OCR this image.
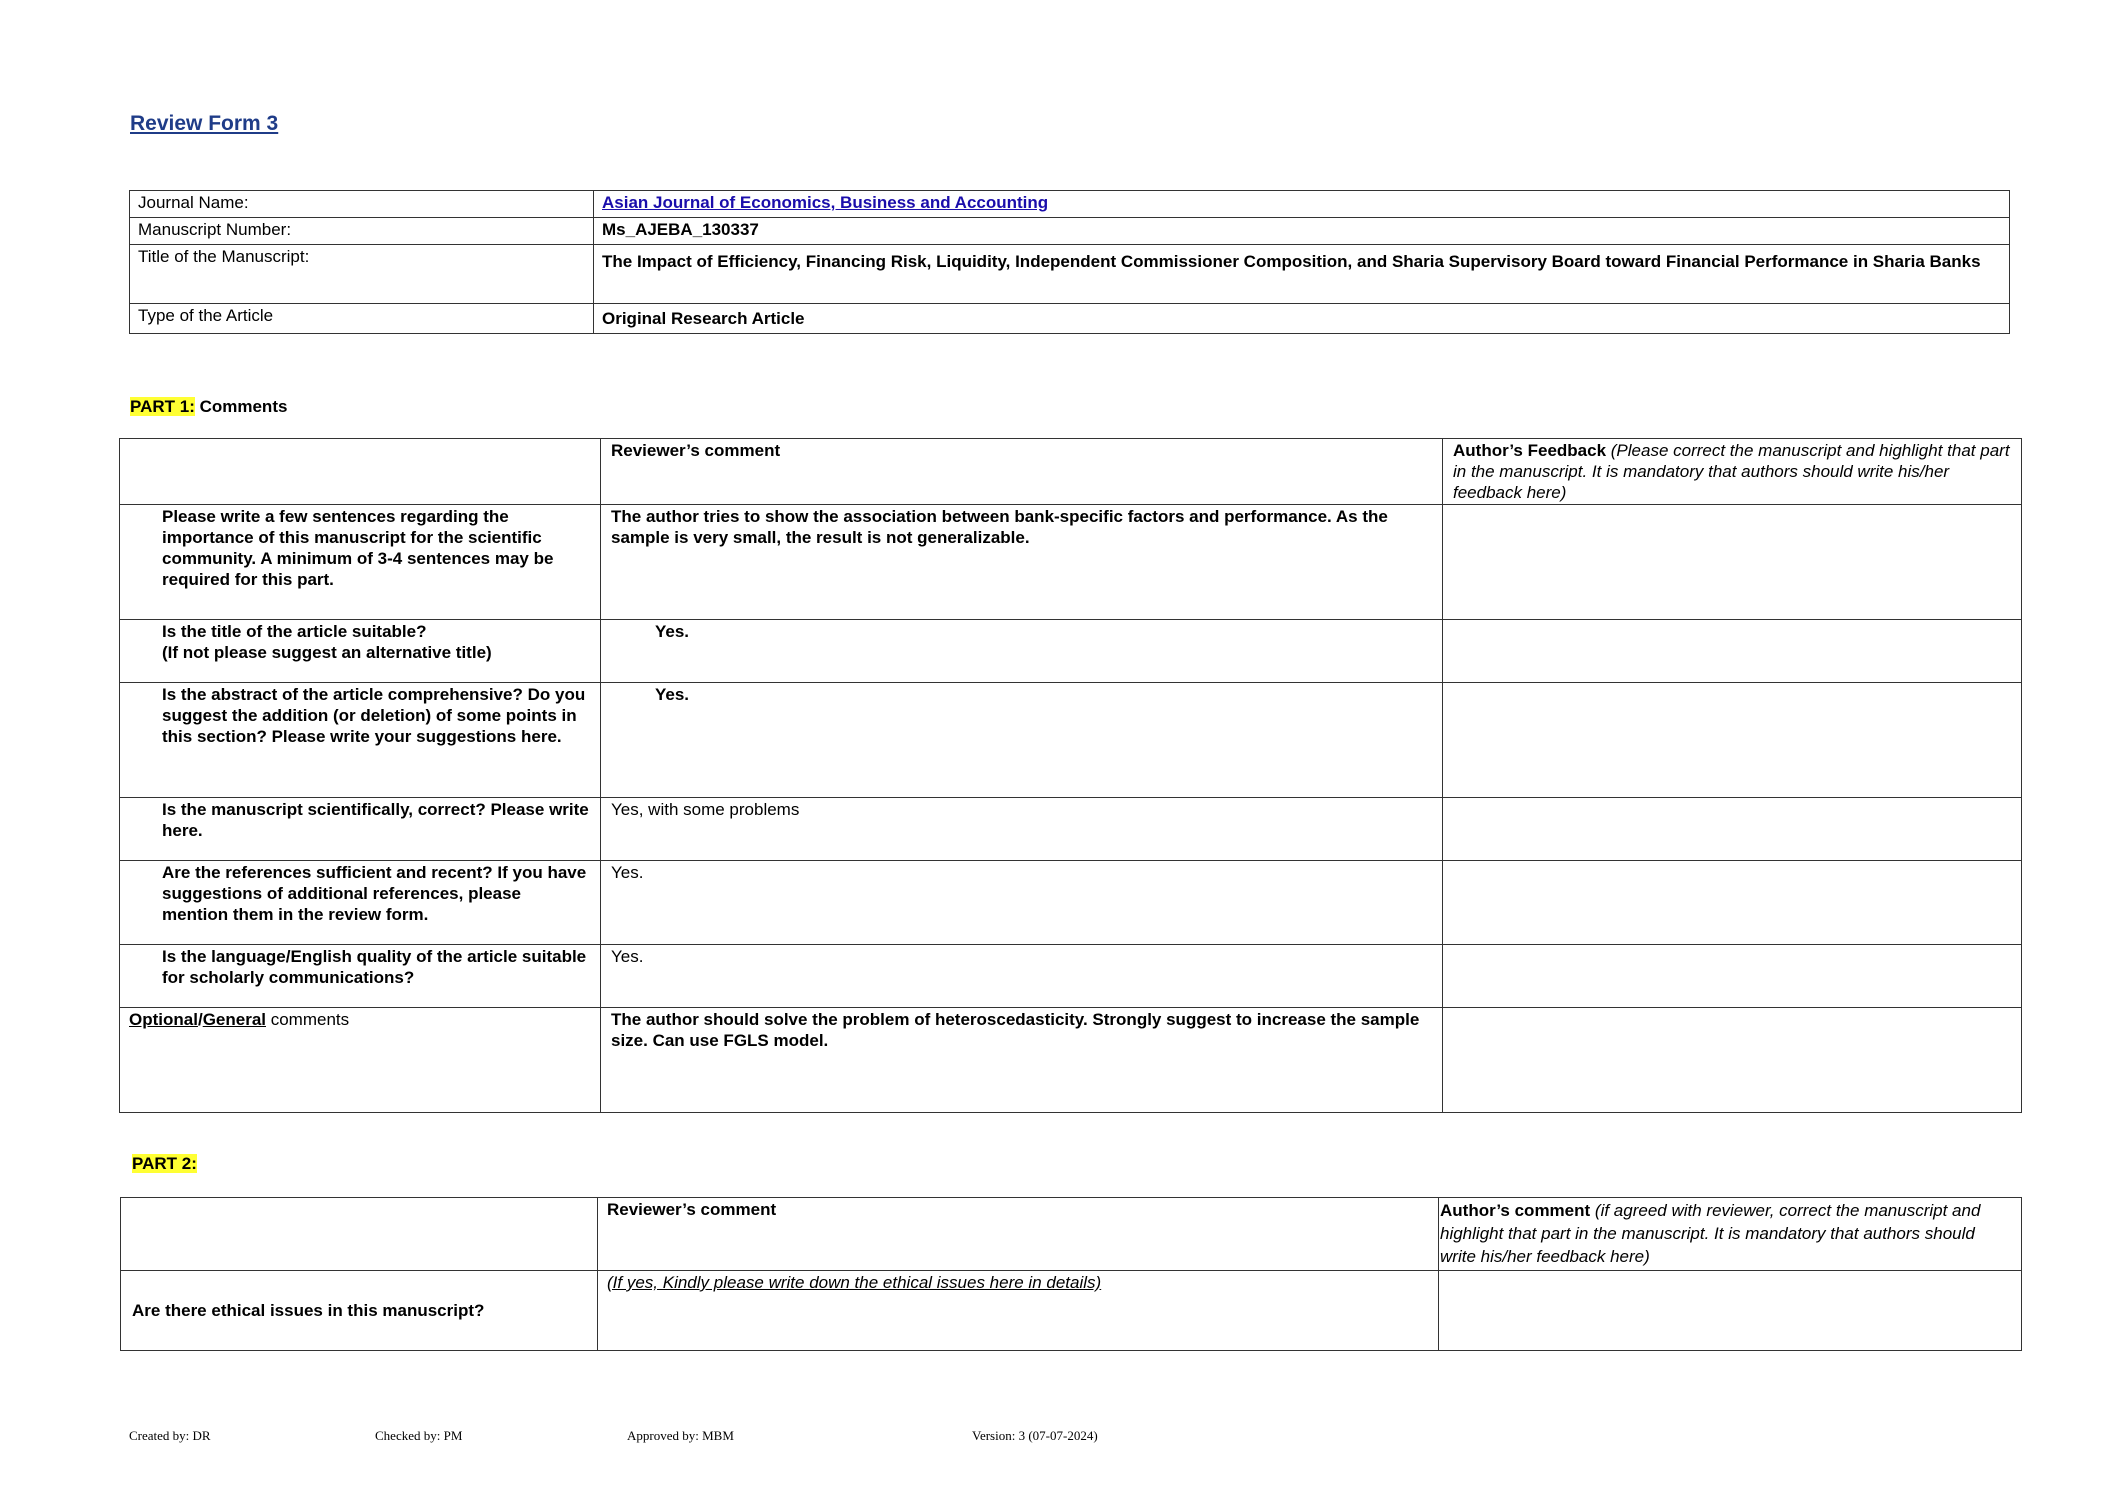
Review Form 3
Journal Name:	Asian Journal of Economics, Business and Accounting
Manuscript Number:	Ms_AJEBA_130337
Title of the Manuscript:	The Impact of Efficiency, Financing Risk, Liquidity, Independent Commissioner Composition, and Sharia Supervisory Board toward Financial Performance in Sharia Banks
Type of the Article	Original Research Article
PART 1: Comments
	Reviewer’s comment	Author’s Feedback (Please correct the manuscript and highlight that part in the manuscript. It is mandatory that authors should write his/her feedback here)
Please write a few sentences regarding the importance of this manuscript for the scientific community. A minimum of 3-4 sentences may be required for this part.	The author tries to show the association between bank-specific factors and performance. As the sample is very small, the result is not generalizable.	

Is the title of the article suitable?
(If not please suggest an alternative title)	Yes.	
Is the abstract of the article comprehensive? Do you suggest the addition (or deletion) of some points in this section? Please write your suggestions here.	Yes.	
Is the manuscript scientifically, correct? Please write here.	Yes, with some problems	
Are the references sufficient and recent? If you have suggestions of additional references, please mention them in the review form.	Yes.	
Is the language/English quality of the article suitable for scholarly communications?	Yes.	
Optional/General comments	The author should solve the problem of heteroscedasticity. Strongly suggest to increase the sample size. Can use FGLS model.	
PART 2:
	Reviewer’s comment	Author’s comment (if agreed with reviewer, correct the manuscript and highlight that part in the manuscript. It is mandatory that authors should write his/her feedback here)
Are there ethical issues in this manuscript?	(If yes, Kindly please write down the ethical issues here in details)	
Created by: DR	Checked by: PM	Approved by: MBM	Version: 3 (07-07-2024)
